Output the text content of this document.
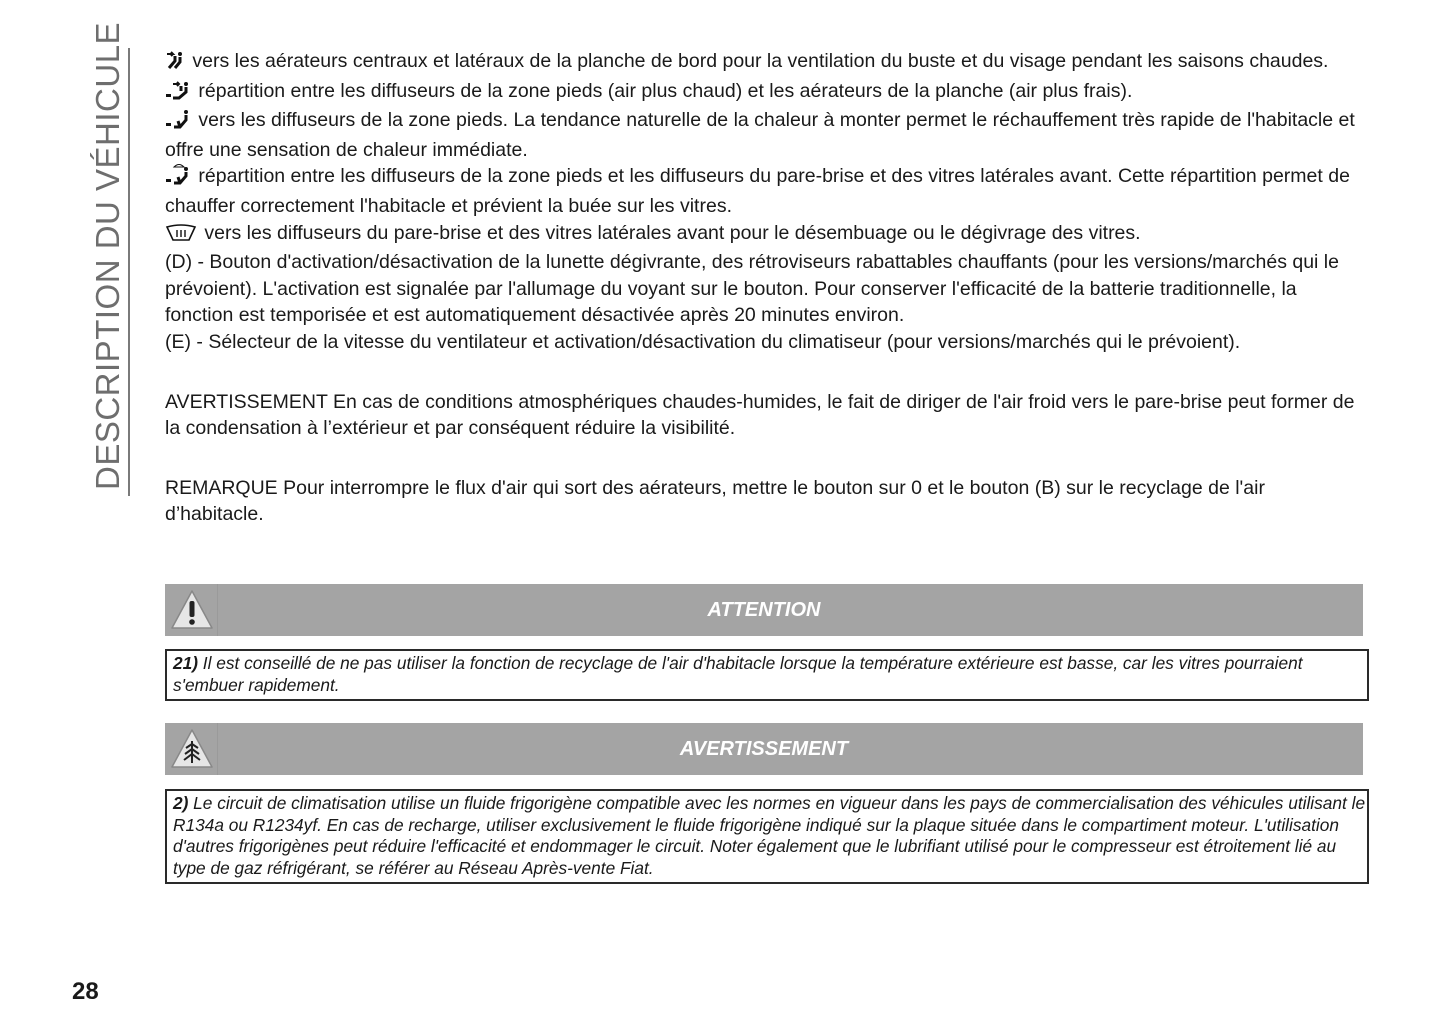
DESCRIPTION DU VÉHICULE	vers les aérateurs centraux et latéraux de la planche de bord pour la ventilation du buste et du visage pendant les saisons chaudes.

répartition entre les diffuseurs de la zone pieds (air plus chaud) et les aérateurs de la planche (air plus frais).

vers les diffuseurs de la zone pieds. La tendance naturelle de la chaleur à monter permet le réchauffement très rapide de l'habitacle et offre une sensation de chaleur immédiate.

répartition entre les diffuseurs de la zone pieds et les diffuseurs du pare-brise et des vitres latérales avant. Cette répartition permet de chauffer correctement l'habitacle et prévient la buée sur les vitres.

vers les diffuseurs du pare-brise et des vitres latérales avant pour le désembuage ou le dégivrage des vitres.

(D) - Bouton d'activation/désactivation de la lunette dégivrante, des rétroviseurs rabattables chauffants (pour les versions/marchés qui le prévoient). L'activation est signalée par l'allumage du voyant sur le bouton. Pour conserver l'efficacité de la batterie traditionnelle, la fonction est temporisée et est automatiquement désactivée après 20 minutes environ.

(E) - Sélecteur de la vitesse du ventilateur et activation/désactivation du climatiseur (pour versions/marchés qui le prévoient).

AVERTISSEMENT En cas de conditions atmosphériques chaudes-humides, le fait de diriger de l'air froid vers le pare-brise peut former de la condensation à l’extérieur et par conséquent réduire la visibilité.

REMARQUE Pour interrompre le flux d'air qui sort des aérateurs, mettre le bouton sur 0 et le bouton (B) sur le recyclage de l'air d’habitacle.

ATTENTION
21) Il est conseillé de ne pas utiliser la fonction de recyclage de l'air d'habitacle lorsque la température extérieure est basse, car les vitres pourraient s'embuer rapidement.
AVERTISSEMENT
2) Le circuit de climatisation utilise un fluide frigorigène compatible avec les normes en vigueur dans les pays de commercialisation des véhicules utilisant le R134a ou R1234yf. En cas de recharge, utiliser exclusivement le fluide frigorigène indiqué sur la plaque située dans le compartiment moteur. L'utilisation d'autres frigorigènes peut réduire l'efficacité et endommager le circuit. Noter également que le lubrifiant utilisé pour le compresseur est étroitement lié au type de gaz réfrigérant, se référer au Réseau Après-vente Fiat.
28
